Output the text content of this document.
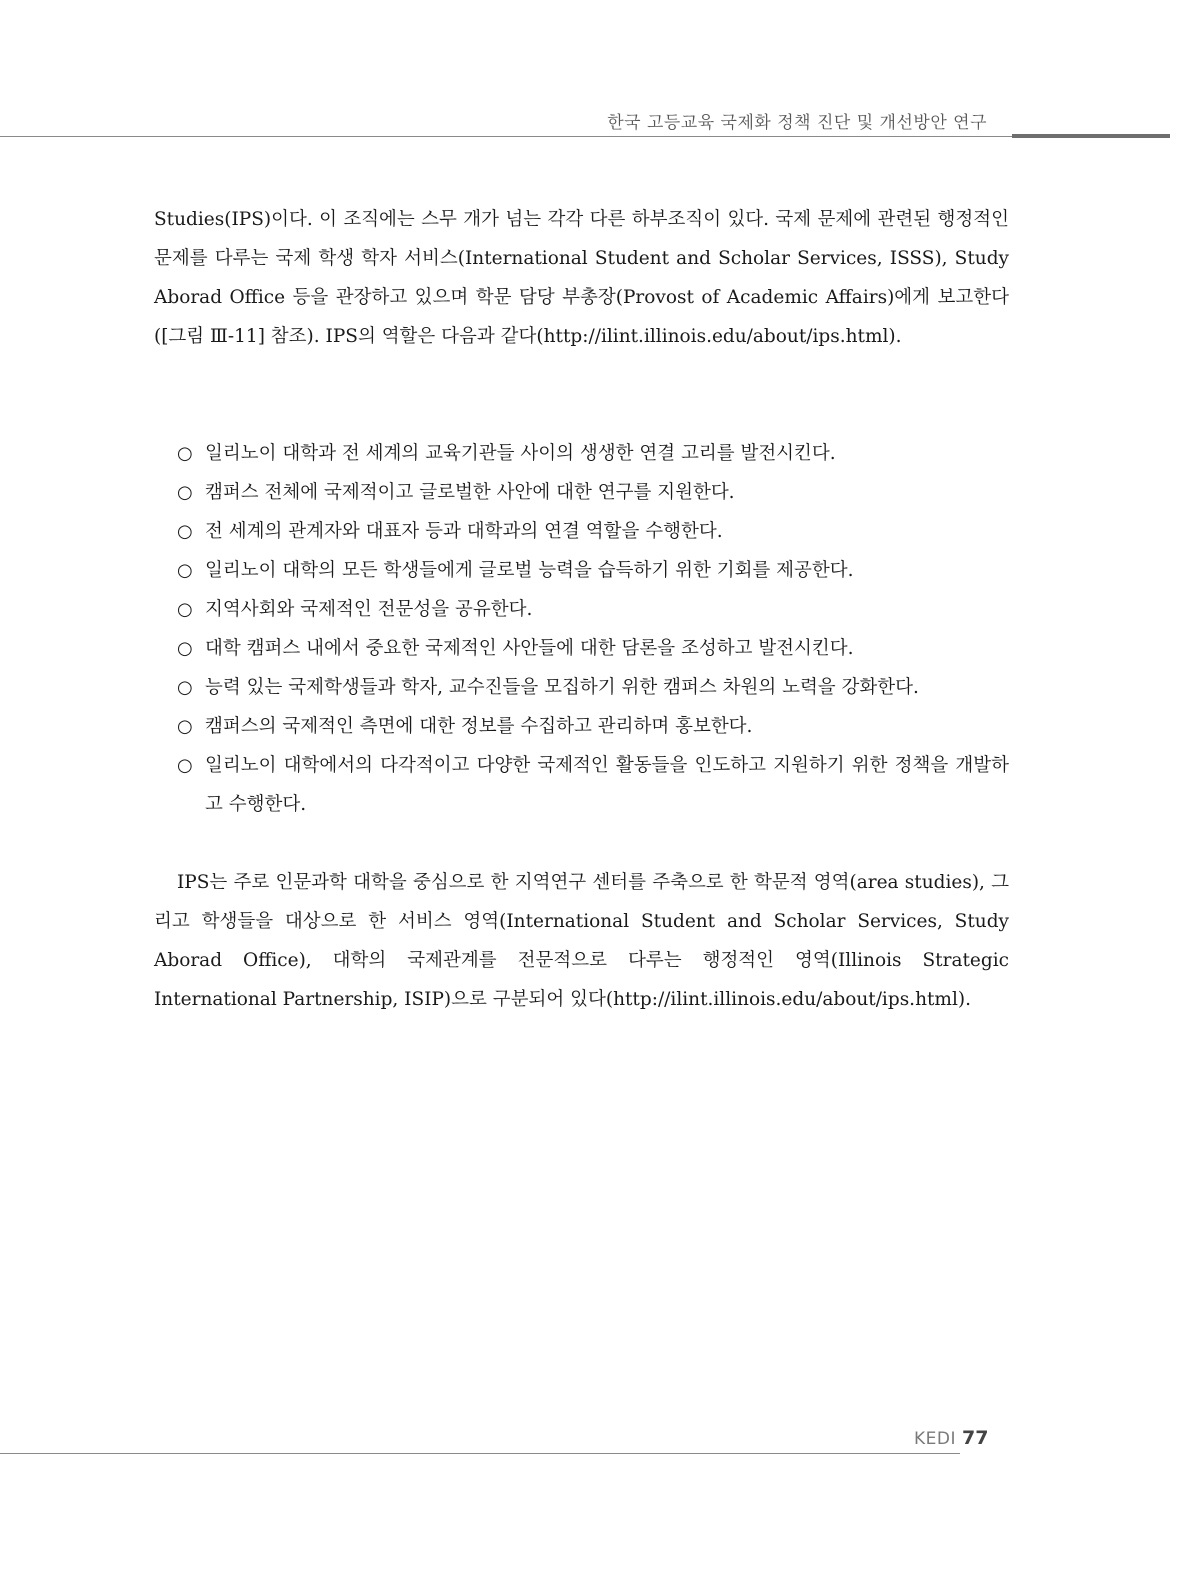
한국 고등교육 국제화 정책 진단 및 개선방안 연구

Studies(IPS)이다. 이 조직에는 스무 개가 넘는 각각 다른 하부조직이 있다. 국제 문제에 관련된 행정적인 문제를 다루는 국제 학생 학자 서비스(International Student and Scholar Services, ISSS), Study Aborad Office 등을 관장하고 있으며 학문 담당 부총장(Provost of Academic Affairs)에게 보고한다([그림 Ⅲ-11] 참조). IPS의 역할은 다음과 같다(http://ilint.illinois.edu/about/ips.html).

○ 일리노이 대학과 전 세계의 교육기관들 사이의 생생한 연결 고리를 발전시킨다.
○ 캠퍼스 전체에 국제적이고 글로벌한 사안에 대한 연구를 지원한다.
○ 전 세계의 관계자와 대표자 등과 대학과의 연결 역할을 수행한다.
○ 일리노이 대학의 모든 학생들에게 글로벌 능력을 습득하기 위한 기회를 제공한다.
○ 지역사회와 국제적인 전문성을 공유한다.
○ 대학 캠퍼스 내에서 중요한 국제적인 사안들에 대한 담론을 조성하고 발전시킨다.
○ 능력 있는 국제학생들과 학자, 교수진들을 모집하기 위한 캠퍼스 차원의 노력을 강화한다.
○ 캠퍼스의 국제적인 측면에 대한 정보를 수집하고 관리하며 홍보한다.
○ 일리노이 대학에서의 다각적이고 다양한 국제적인 활동들을 인도하고 지원하기 위한 정책을 개발하고 수행한다.

IPS는 주로 인문과학 대학을 중심으로 한 지역연구 센터를 주축으로 한 학문적 영역(area studies), 그리고 학생들을 대상으로 한 서비스 영역(International Student and Scholar Services, Study Aborad Office), 대학의 국제관계를 전문적으로 다루는 행정적인 영역(Illinois Strategic International Partnership, ISIP)으로 구분되어 있다(http://ilint.illinois.edu/about/ips.html).

KEDI 77
